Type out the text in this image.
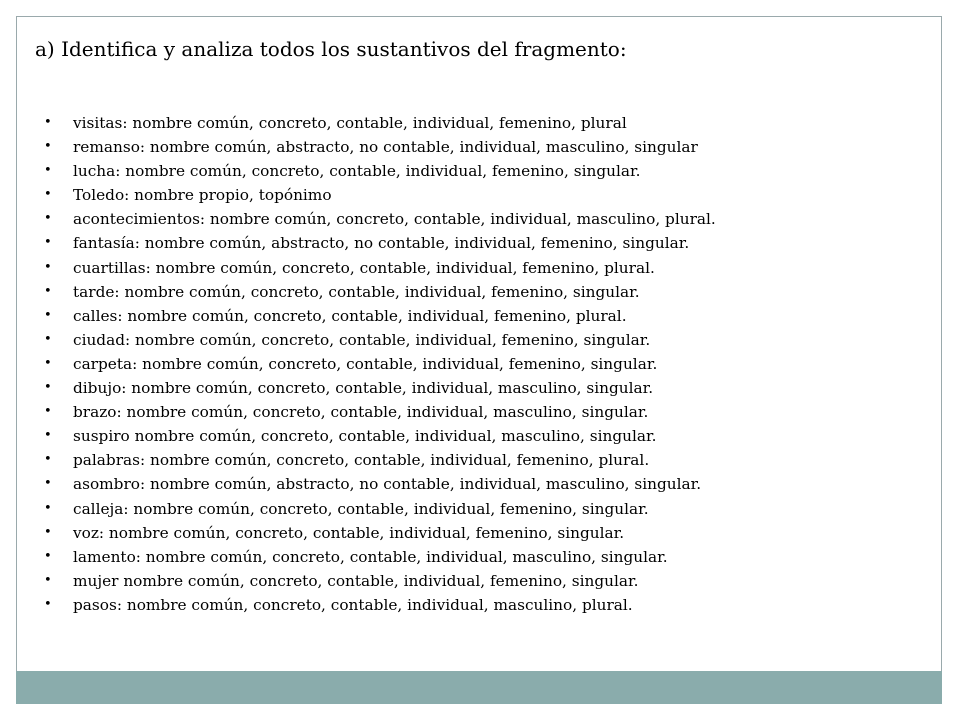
a) Identifica y analiza todos los sustantivos del fragmento:
• visitas: nombre común, concreto, contable, individual, femenino, plural
• remanso: nombre común, abstracto, no contable, individual, masculino, singular
• lucha: nombre común, concreto, contable, individual, femenino, singular.
• Toledo: nombre propio, topónimo
• acontecimientos: nombre común, concreto, contable, individual, masculino, plural.
• fantasía: nombre común, abstracto, no contable, individual, femenino, singular.
• cuartillas: nombre común, concreto, contable, individual, femenino, plural.
• tarde: nombre común, concreto, contable, individual, femenino, singular.
• calles: nombre común, concreto, contable, individual, femenino, plural.
• ciudad: nombre común, concreto, contable, individual, femenino, singular.
• carpeta: nombre común, concreto, contable, individual, femenino, singular.
• dibujo: nombre común, concreto, contable, individual, masculino, singular.
• brazo: nombre común, concreto, contable, individual, masculino, singular.
• suspiro nombre común, concreto, contable, individual, masculino, singular.
• palabras: nombre común, concreto, contable, individual, femenino, plural.
• asombro: nombre común, abstracto, no contable, individual, masculino, singular.
• calleja: nombre común, concreto, contable, individual, femenino, singular.
• voz: nombre común, concreto, contable, individual, femenino, singular.
• lamento: nombre común, concreto, contable, individual, masculino, singular.
• mujer nombre común, concreto, contable, individual, femenino, singular.
• pasos: nombre común, concreto, contable, individual, masculino, plural.
